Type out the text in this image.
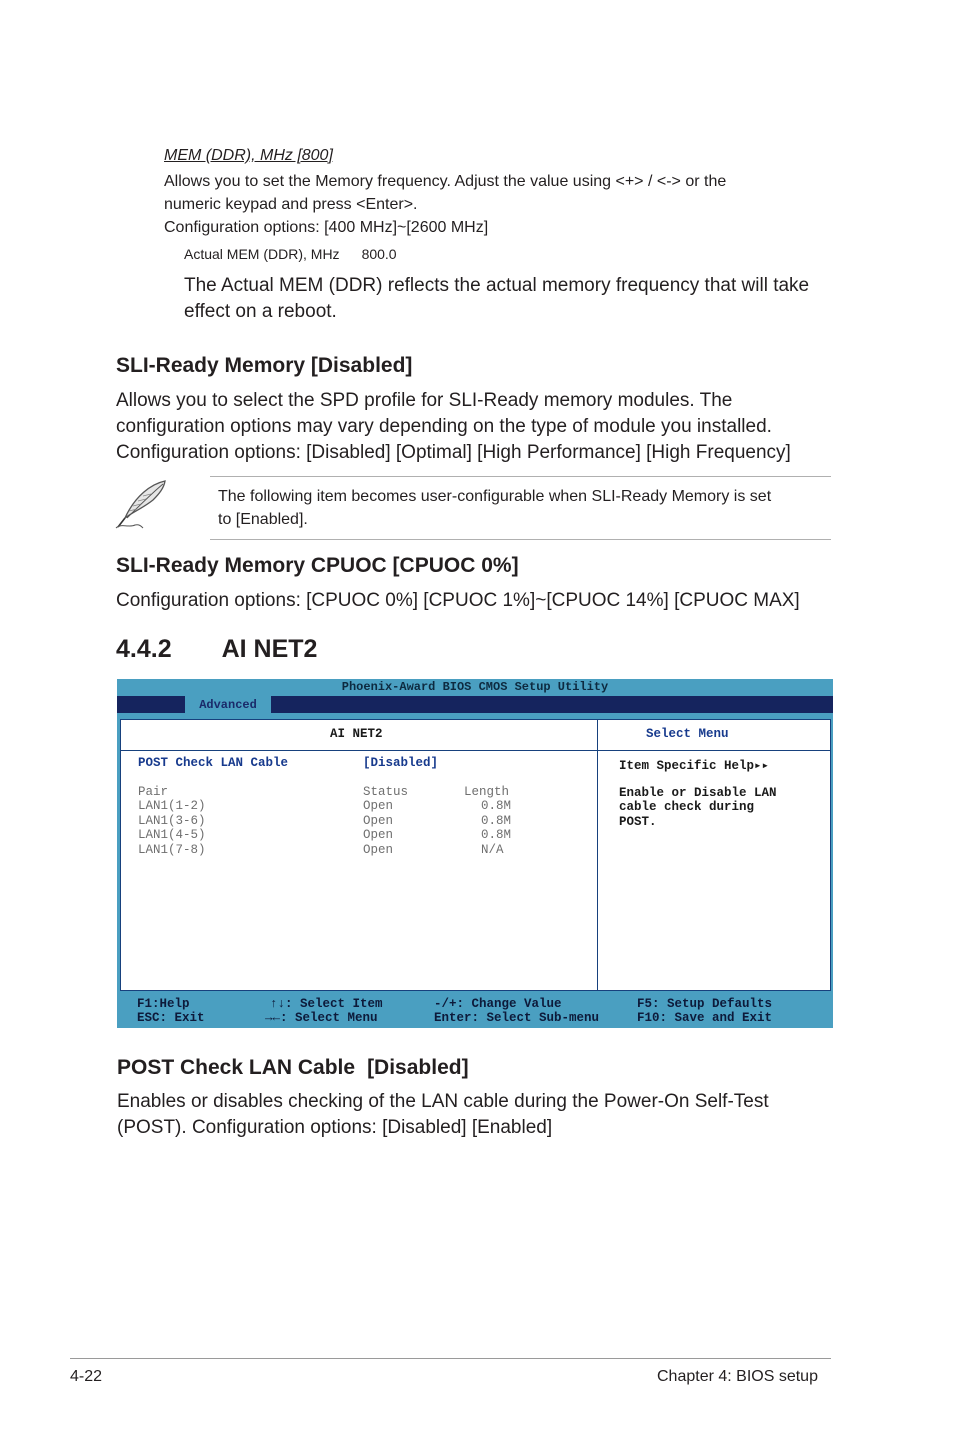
MEM (DDR), MHz [800]
Allows you to set the Memory frequency. Adjust the value using <+> / <-> or the
numeric keypad and press <Enter>.
Configuration options: [400 MHz]~[2600 MHz]
Actual MEM (DDR), MHz 800.0
The Actual MEM (DDR) reflects the actual memory frequency that will take
effect on a reboot.
SLI-Ready Memory [Disabled]
Allows you to select the SPD profile for SLI-Ready memory modules. The
configuration options may vary depending on the type of module you installed.
Configuration options: [Disabled] [Optimal] [High Performance] [High Frequency]
The following item becomes user-configurable when SLI-Ready Memory is set
to [Enabled].
SLI-Ready Memory CPUOC [CPUOC 0%]
Configuration options: [CPUOC 0%] [CPUOC 1%]~[CPUOC 14%] [CPUOC MAX]
4.4.2 AI NET2
Phoenix-Award BIOS CMOS Setup Utility
Advanced
AI NET2	Select Menu
POST Check LAN Cable	[Disabled]
Pair	Status	Length
LAN1(1-2)	Open	0.8M
LAN1(3-6)	Open	0.8M
LAN1(4-5)	Open	0.8M
LAN1(7-8)	Open	N/A
Item Specific Help▸▸
Enable or Disable LAN
cable check during
POST.
F1:Help
ESC: Exit
↑↓: Select Item
→←: Select Menu
-/+: Change Value
Enter: Select Sub-menu
F5: Setup Defaults
F10: Save and Exit
POST Check LAN Cable [Disabled]
Enables or disables checking of the LAN cable during the Power-On Self-Test
(POST). Configuration options: [Disabled] [Enabled]
4-22	Chapter 4: BIOS setup
